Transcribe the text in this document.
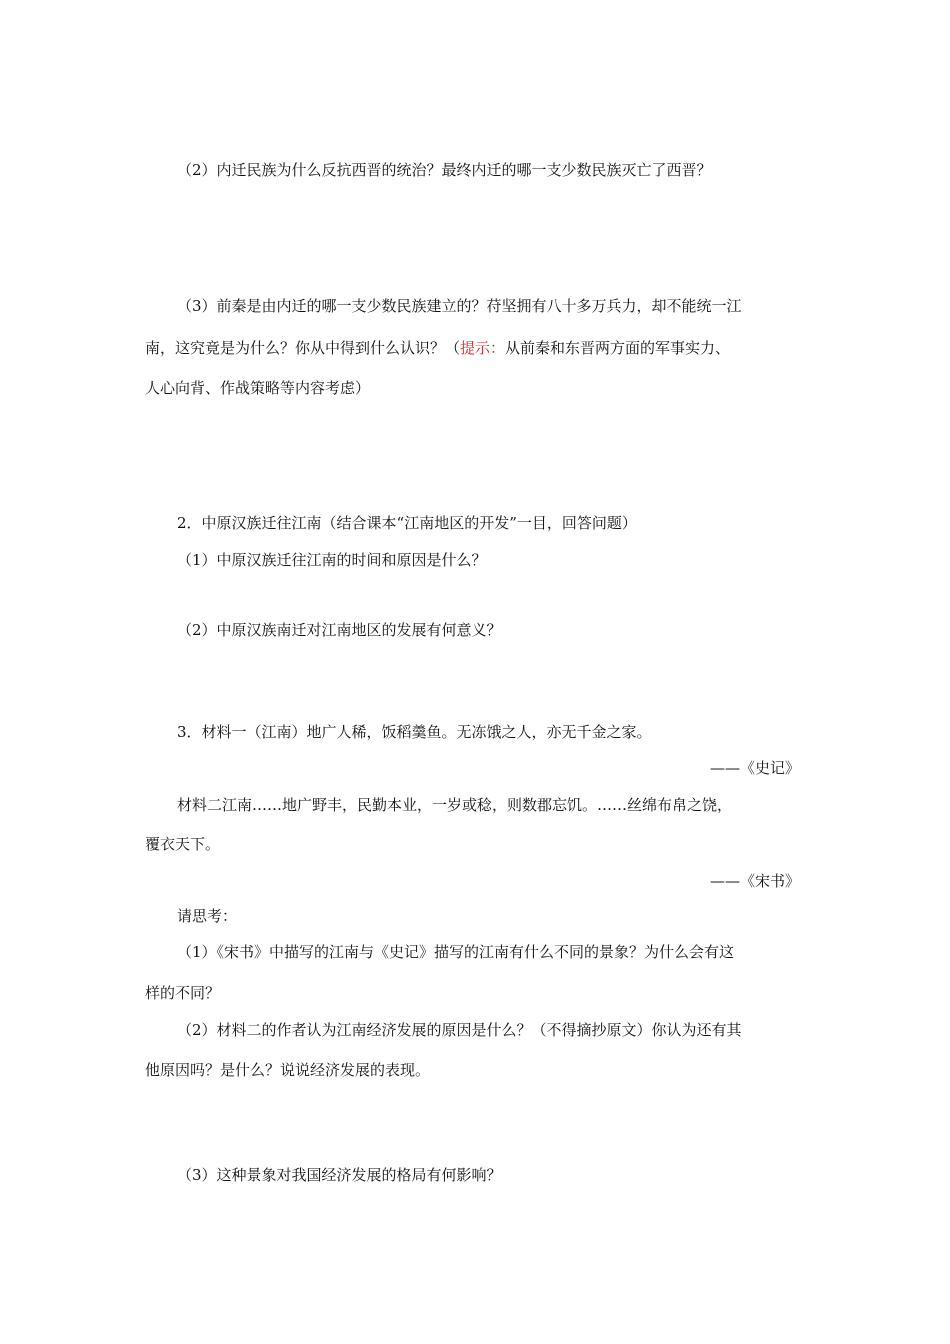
（2）内迁民族为什么反抗西晋的统治？最终内迁的哪一支少数民族灭亡了西晋？
（3）前秦是由内迁的哪一支少数民族建立的？苻坚拥有八十多万兵力，却不能统一江
南，这究竟是为什么？你从中得到什么认识？（提示：从前秦和东晋两方面的军事实力、
人心向背、作战策略等内容考虑）
2．中原汉族迁往江南（结合课本“江南地区的开发”一目，回答问题）
（1）中原汉族迁往江南的时间和原因是什么？
（2）中原汉族南迁对江南地区的发展有何意义？
3．材料一（江南）地广人稀，饭稻羹鱼。无冻饿之人，亦无千金之家。
——《史记》
材料二江南……地广野丰，民勤本业，一岁或稔，则数郡忘饥。……丝绵布帛之饶，
覆衣天下。
——《宋书》
请思考：
（1）《宋书》中描写的江南与《史记》描写的江南有什么不同的景象？为什么会有这
样的不同？
（2）材料二的作者认为江南经济发展的原因是什么？（不得摘抄原文）你认为还有其
他原因吗？是什么？说说经济发展的表现。
（3）这种景象对我国经济发展的格局有何影响？
